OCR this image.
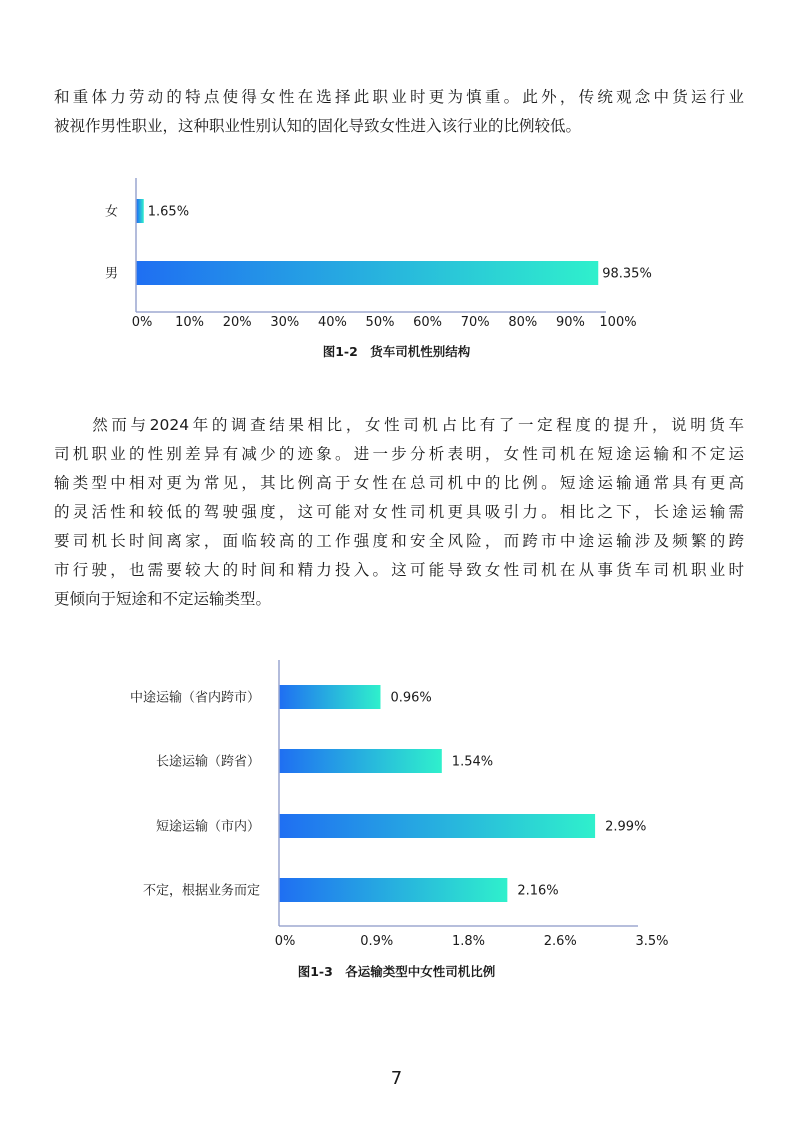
和重体力劳动的特点使得女性在选择此职业时更为慎重。此外，传统观念中货运行业
被视作男性职业，这种职业性别认知的固化导致女性进入该行业的比例较低。
女 1.65%
男	98.35%
0% 10% 20% 30% 40% 50% 60% 70% 80% 90% 100%
图1-2　货车司机性别结构
　　然而与2024年的调查结果相比，女性司机占比有了一定程度的提升，说明货车
司机职业的性别差异有减少的迹象。进一步分析表明，女性司机在短途运输和不定运
输类型中相对更为常见，其比例高于女性在总司机中的比例。短途运输通常具有更高
的灵活性和较低的驾驶强度，这可能对女性司机更具吸引力。相比之下，长途运输需
要司机长时间离家，面临较高的工作强度和安全风险，而跨市中途运输涉及频繁的跨
市行驶，也需要较大的时间和精力投入。这可能导致女性司机在从事货车司机职业时
更倾向于短途和不定运输类型。
中途运输（省内跨市）	0.96%
长途运输（跨省）	1.54%
短途运输（市内）	2.99%
不定，根据业务而定	2.16%
0%	0.9%	1.8%	2.6%	3.5%
图1-3　各运输类型中女性司机比例
7
